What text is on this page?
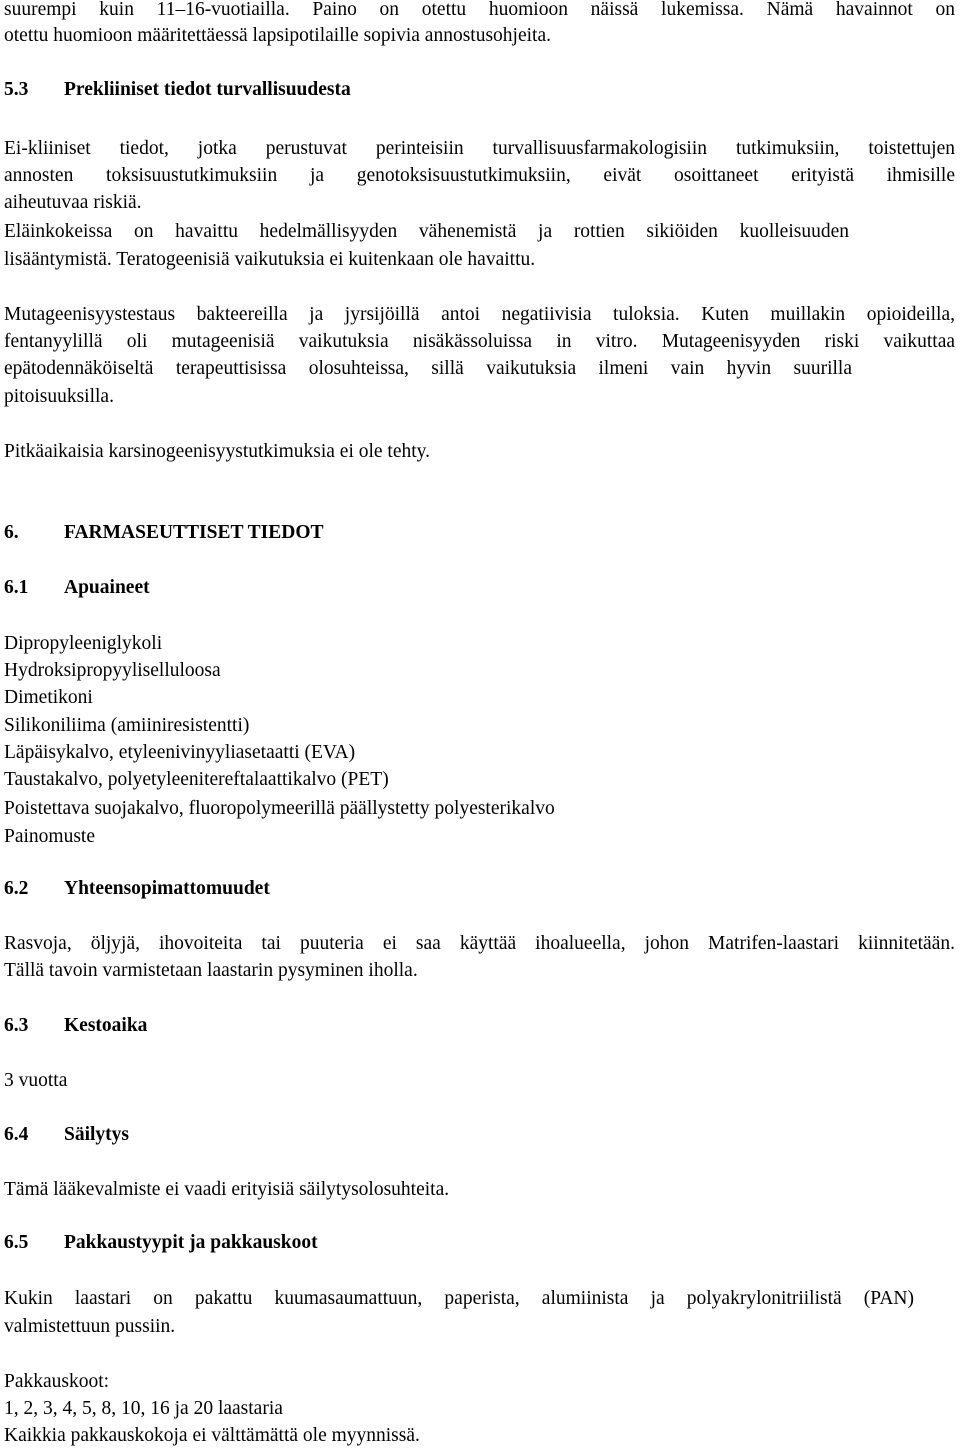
suurempi kuin 11–16-vuotiailla. Paino on otettu huomioon näissä lukemissa. Nämä havainnot on
otettu huomioon määritettäessä lapsipotilaille sopivia annostusohjeita.
5.3 Prekliiniset tiedot turvallisuudesta
Ei-kliiniset tiedot, jotka perustuvat perinteisiin turvallisuusfarmakologisiin tutkimuksiin, toistettujen
annosten toksisuustutkimuksiin ja genotoksisuustutkimuksiin, eivät osoittaneet erityistä ihmisille
aiheutuvaa riskiä.
Eläinkokeissa on havaittu hedelmällisyyden vähenemistä ja rottien sikiöiden kuolleisuuden
lisääntymistä. Teratogeenisiä vaikutuksia ei kuitenkaan ole havaittu.
Mutageenisyystestaus bakteereilla ja jyrsijöillä antoi negatiivisia tuloksia. Kuten muillakin opioideilla,
fentanyylillä oli mutageenisiä vaikutuksia nisäkässoluissa in vitro. Mutageenisyyden riski vaikuttaa
epätodennäköiseltä terapeuttisissa olosuhteissa, sillä vaikutuksia ilmeni vain hyvin suurilla
pitoisuuksilla.
Pitkäaikaisia karsinogeenisyystutkimuksia ei ole tehty.
6. FARMASEUTTISET TIEDOT
6.1 Apuaineet
Dipropyleeniglykoli
Hydroksipropyyliselluloosa
Dimetikoni
Silikoniliima (amiiniresistentti)
Läpäisykalvo, etyleenivinyyliasetaatti (EVA)
Taustakalvo, polyetyleenitereftalaattikalvo (PET)
Poistettava suojakalvo, fluoropolymeerillä päällystetty polyesterikalvo
Painomuste
6.2 Yhteensopimattomuudet
Rasvoja, öljyjä, ihovoiteita tai puuteria ei saa käyttää ihoalueella, johon Matrifen-laastari kiinnitetään.
Tällä tavoin varmistetaan laastarin pysyminen iholla.
6.3 Kestoaika
3 vuotta
6.4 Säilytys
Tämä lääkevalmiste ei vaadi erityisiä säilytysolosuhteita.
6.5 Pakkaustyypit ja pakkauskoot
Kukin laastari on pakattu kuumasaumattuun, paperista, alumiinista ja polyakrylonitriilistä (PAN)
valmistettuun pussiin.
Pakkauskoot:
1, 2, 3, 4, 5, 8, 10, 16 ja 20 laastaria
Kaikkia pakkauskokoja ei välttämättä ole myynnissä.
